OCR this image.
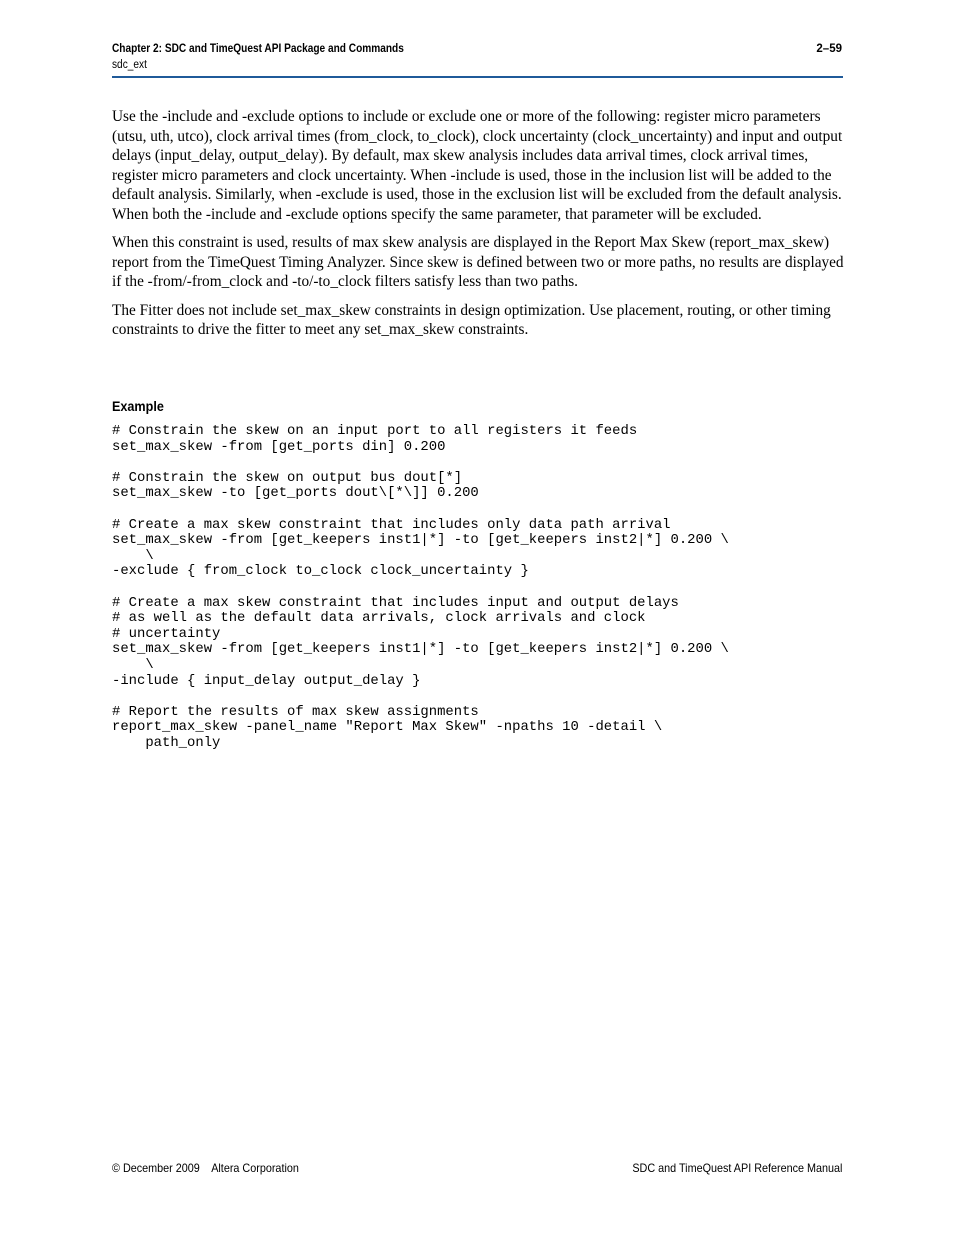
Chapter 2: SDC and TimeQuest API Package and Commands
sdc_ext
2–59

Use the -include and -exclude options to include or exclude one or more of the following: register micro parameters (utsu, uth, utco), clock arrival times (from_clock, to_clock), clock uncertainty (clock_uncertainty) and input and output delays (input_delay, output_delay). By default, max skew analysis includes data arrival times, clock arrival times, register micro parameters and clock uncertainty. When -include is used, those in the inclusion list will be added to the default analysis. Similarly, when -exclude is used, those in the exclusion list will be excluded from the default analysis. When both the -include and -exclude options specify the same parameter, that parameter will be excluded.

When this constraint is used, results of max skew analysis are displayed in the Report Max Skew (report_max_skew) report from the TimeQuest Timing Analyzer. Since skew is defined between two or more paths, no results are displayed if the -from/-from_clock and -to/-to_clock filters satisfy less than two paths.

The Fitter does not include set_max_skew constraints in design optimization. Use placement, routing, or other timing constraints to drive the fitter to meet any set_max_skew constraints.

Example
# Constrain the skew on an input port to all registers it feeds
set_max_skew -from [get_ports din] 0.200

# Constrain the skew on output bus dout[*]
set_max_skew -to [get_ports dout\[*\]] 0.200

# Create a max skew constraint that includes only data path arrival
set_max_skew -from [get_keepers inst1|*] -to [get_keepers inst2|*] 0.200 \
\
-exclude { from_clock to_clock clock_uncertainty }

# Create a max skew constraint that includes input and output delays
# as well as the default data arrivals, clock arrivals and clock
# uncertainty
set_max_skew -from [get_keepers inst1|*] -to [get_keepers inst2|*] 0.200 \
\
-include { input_delay output_delay }

# Report the results of max skew assignments
report_max_skew -panel_name "Report Max Skew" -npaths 10 -detail \
path_only
© December 2009    Altera Corporation	SDC and TimeQuest API Reference Manual
